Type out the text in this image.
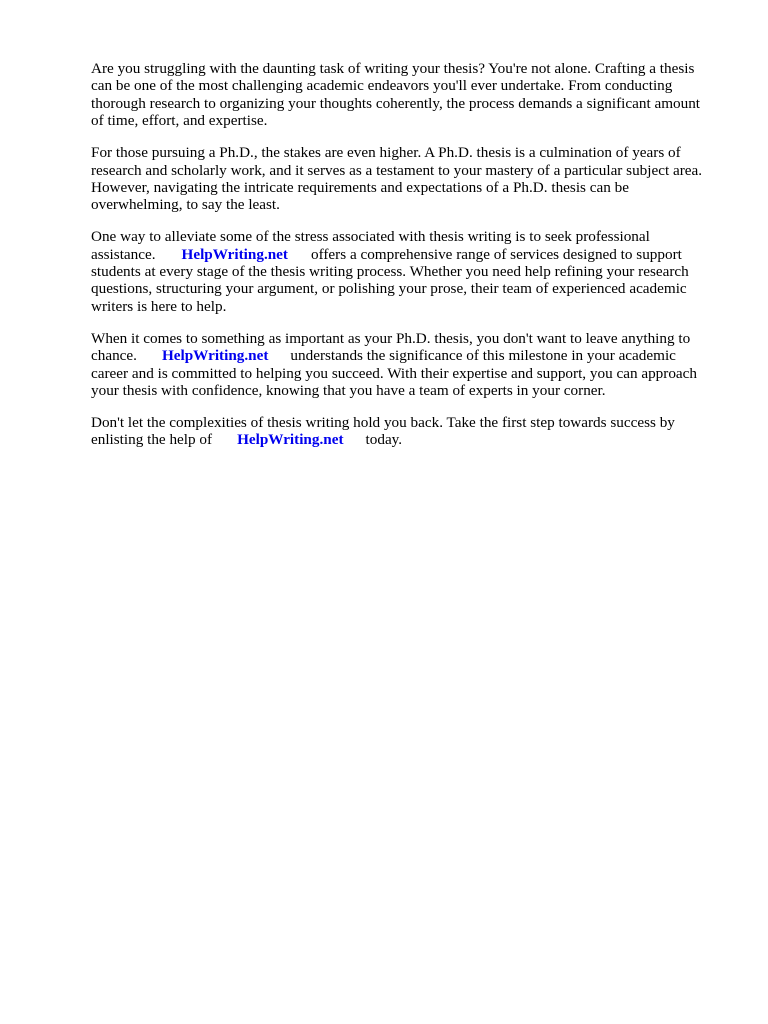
Are you struggling with the daunting task of writing your thesis? You're not alone. Crafting a thesis
can be one of the most challenging academic endeavors you'll ever undertake. From conducting
thorough research to organizing your thoughts coherently, the process demands a significant amount
of time, effort, and expertise.

For those pursuing a Ph.D., the stakes are even higher. A Ph.D. thesis is a culmination of years of
research and scholarly work, and it serves as a testament to your mastery of a particular subject area.
However, navigating the intricate requirements and expectations of a Ph.D. thesis can be
overwhelming, to say the least.

One way to alleviate some of the stress associated with thesis writing is to seek professional
assistance. HelpWriting.net offers a comprehensive range of services designed to support
students at every stage of the thesis writing process. Whether you need help refining your research
questions, structuring your argument, or polishing your prose, their team of experienced academic
writers is here to help.

When it comes to something as important as your Ph.D. thesis, you don't want to leave anything to
chance. HelpWriting.net understands the significance of this milestone in your academic
career and is committed to helping you succeed. With their expertise and support, you can approach
your thesis with confidence, knowing that you have a team of experts in your corner.

Don't let the complexities of thesis writing hold you back. Take the first step towards success by
enlisting the help of HelpWriting.net today.
